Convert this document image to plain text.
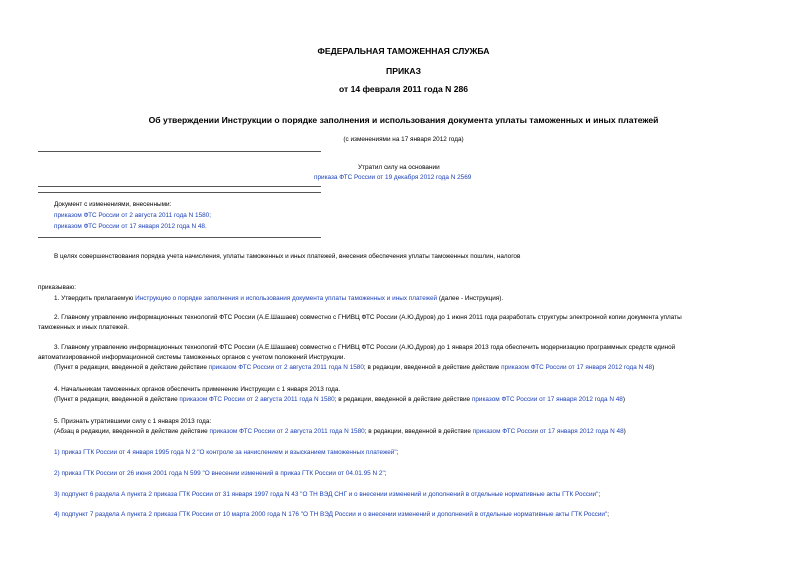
ФЕДЕРАЛЬНАЯ ТАМОЖЕННАЯ СЛУЖБА
ПРИКАЗ
от 14 февраля 2011 года N 286
Об утверждении Инструкции о порядке заполнения и использования документа уплаты таможенных и иных платежей
(с изменениями на 17 января 2012 года)
Утратил силу на основании
приказа ФТС России от 19 декабря 2012 года N 2569
Документ с изменениями, внесенными:
приказом ФТС России от 2 августа 2011 года N 1580;
приказом ФТС России от 17 января 2012 года N 48.
В целях совершенствования порядка учета начисления, уплаты таможенных и иных платежей, внесения обеспечения уплаты таможенных пошлин, налогов
приказываю:
1. Утвердить прилагаемую Инструкцию о порядке заполнения и использования документа уплаты таможенных и иных платежей (далее - Инструкция).
2. Главному управлению информационных технологий ФТС России (А.Е.Шашаев) совместно с ГНИВЦ ФТС России (А.Ю.Дуров) до 1 июня 2011 года разработать структуры электронной копии документа уплаты
таможенных и иных платежей.
3. Главному управлению информационных технологий ФТС России (А.Е.Шашаев) совместно с ГНИВЦ ФТС России (А.Ю.Дуров) до 1 января 2013 года обеспечить модернизацию программных средств единой
автоматизированной информационной системы таможенных органов с учетом положений Инструкции.
(Пункт в редакции, введенной в действие действие приказом ФТС России от 2 августа 2011 года N 1580; в редакции, введенной в действие действие приказом ФТС России от 17 января 2012 года N 48)
4. Начальникам таможенных органов обеспечить применение Инструкции с 1 января 2013 года.
(Пункт в редакции, введенной в действие приказом ФТС России от 2 августа 2011 года N 1580; в редакции, введенной в действие действие приказом ФТС России от 17 января 2012 года N 48)
5. Признать утратившими силу с 1 января 2013 года:
(Абзац в редакции, введенной в действие действие приказом ФТС России от 2 августа 2011 года N 1580; в редакции, введенной в действие приказом ФТС России от 17 января 2012 года N 48)
1) приказ ГТК России от 4 января 1995 года N 2 "О контроле за начислением и взысканием таможенных платежей";
2) приказ ГТК России от 26 июня 2001 года N 599 "О внесении изменений в приказ ГТК России от 04.01.95 N 2";
3) подпункт 6 раздела А пункта 2 приказа ГТК России от 31 января 1997 года N 43 "О ТН ВЭД СНГ и о внесении изменений и дополнений в отдельные нормативные акты ГТК России";
4) подпункт 7 раздела А пункта 2 приказа ГТК России от 10 марта 2000 года N 176 "О ТН ВЭД России и о внесении изменений и дополнений в отдельные нормативные акты ГТК России";
